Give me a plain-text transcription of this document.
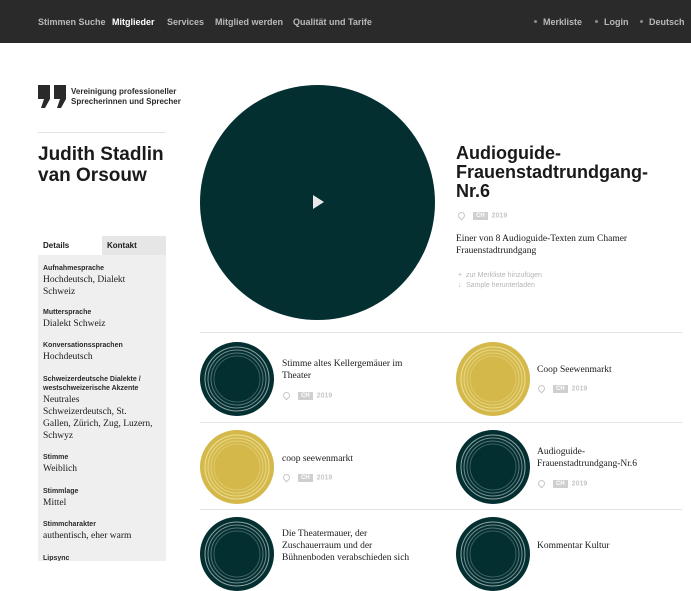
Stimmen Suche Mitglieder Services Mitglied werden Qualität und Tarife	Merkliste	Login	Deutsch
Vereinigung professioneller
Sprecherinnen und Sprecher
Judith Stadlin
van Orsouw
Details	Kontakt
Aufnahmesprache
Hochdeutsch, Dialekt
Schweiz
Muttersprache
Dialekt Schweiz
Konversationssprachen
Hochdeutsch
Schweizerdeutsche Dialekte /
westschweizerische Akzente
Neutrales
Schweizerdeutsch, St.
Gallen, Zürich, Zug, Luzern,
Schwyz
Stimme
Weiblich
Stimmlage
Mittel
Stimmcharakter
authentisch, eher warm
Lipsync
Audioguide-
Frauenstadtrundgang-
Nr.6
CH 2019
Einer von 8 Audioguide-Texten zum Chamer
Frauenstadtrundgang
+ zur Merkliste hinzufügen
↓ Sample herunterladen
Stimme altes Kellergemäuer im
Theater
CH 2019
Coop Seewenmarkt
CH 2019
coop seewenmarkt
CH 2019
Audioguide-
Frauenstadtrundgang-Nr.6
CH 2019
Die Theatermauer, der
Zuschauerraum und der
Bühnenboden verabschieden sich
Kommentar Kultur
